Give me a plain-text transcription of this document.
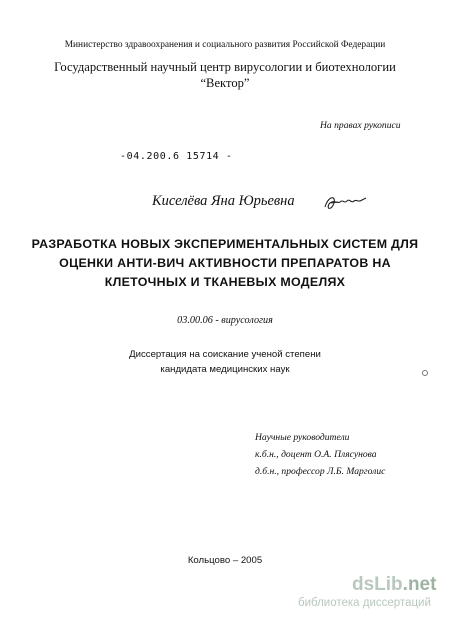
Министерство здравоохранения и социального развития Российской Федерации
Государственный научный центр вирусологии и биотехнологии
“Вектор”
На правах рукописи
-04.200.6 15714 -
Киселёва Яна Юрьевна
РАЗРАБОТКА НОВЫХ ЭКСПЕРИМЕНТАЛЬНЫХ СИСТЕМ ДЛЯ
ОЦЕНКИ АНТИ-ВИЧ АКТИВНОСТИ ПРЕПАРАТОВ НА
КЛЕТОЧНЫХ И ТКАНЕВЫХ МОДЕЛЯХ
03.00.06 - вирусология
Диссертация на соискание ученой степени
кандидата медицинских наук
Научные руководители
к.б.н., доцент О.А. Плясунова
д.б.н., профессор Л.Б. Марголис
Кольцово – 2005
dsLib.net
библиотека диссертаций
